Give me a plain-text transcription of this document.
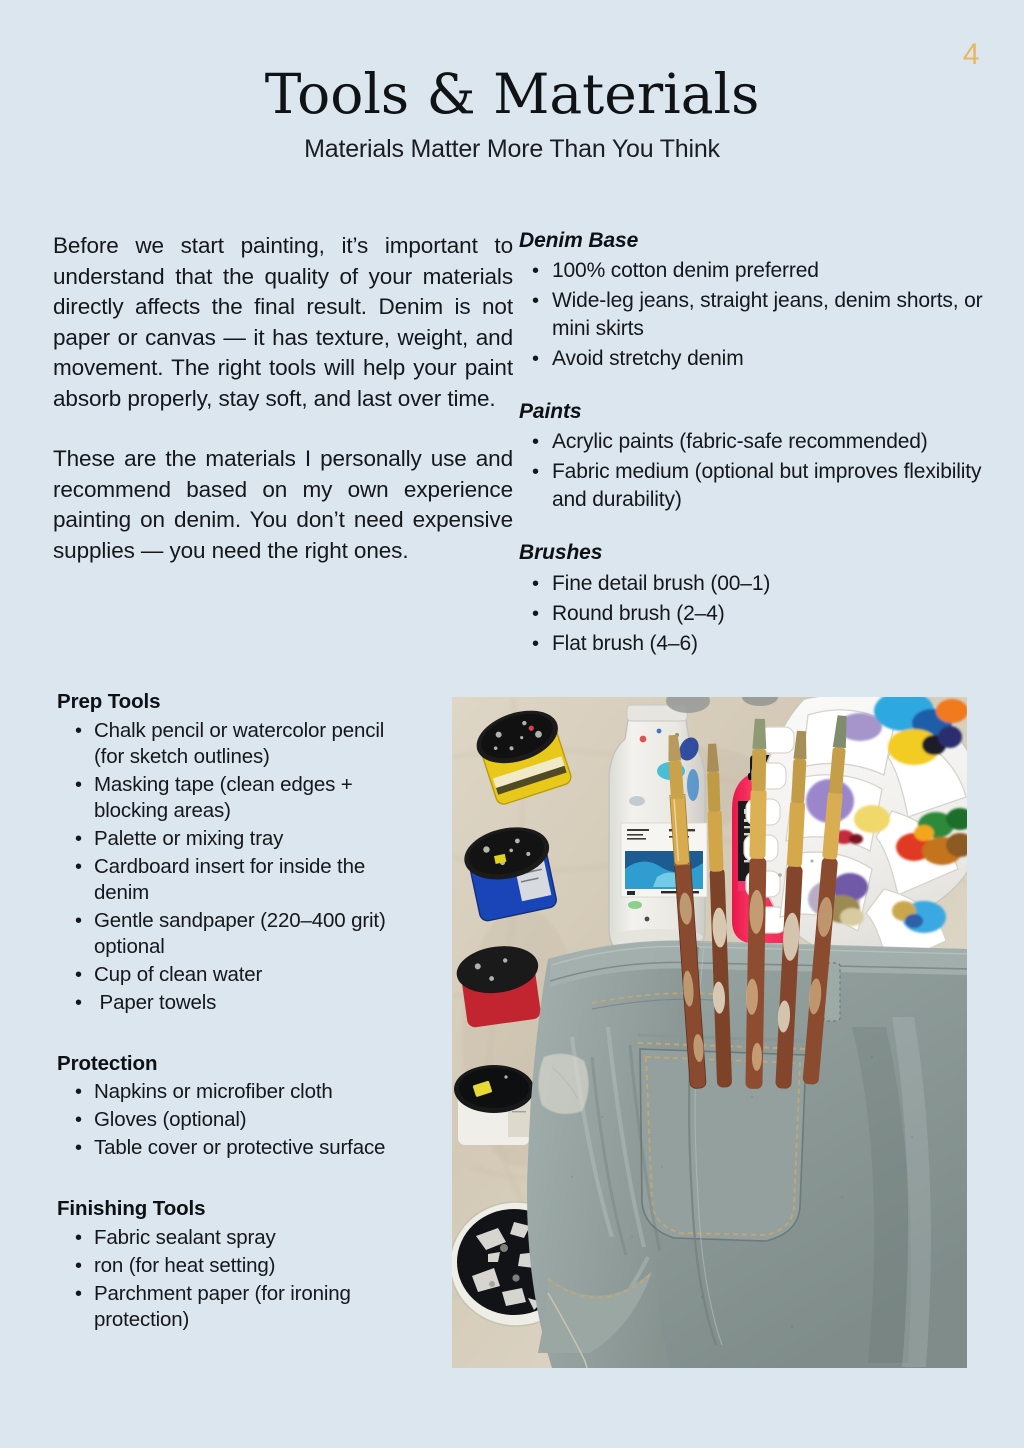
4
Tools & Materials

Materials Matter More Than You Think

Before we start painting, it’s important to understand that the quality of your materials directly affects the final result. Denim is not paper or canvas — it has texture, weight, and movement. The right tools will help your paint absorb properly, stay soft, and last over time.

These are the materials I personally use and recommend based on my own experience painting on denim. You don’t need expensive supplies — you need the right ones.

Denim Base
• 100% cotton denim preferred
• Wide-leg jeans, straight jeans, denim shorts, or mini skirts
• Avoid stretchy denim
Paints
• Acrylic paints (fabric-safe recommended)
• Fabric medium (optional but improves flexibility and durability)
Brushes
• Fine detail brush (00–1)
• Round brush (2–4)
• Flat brush (4–6)
Prep Tools
• Chalk pencil or watercolor pencil (for sketch outlines)
• Masking tape (clean edges + blocking areas)
• Palette or mixing tray
• Cardboard insert for inside the denim
• Gentle sandpaper (220–400 grit) optional
• Cup of clean water
•  Paper towels
Protection
• Napkins or microfiber cloth
• Gloves (optional)
• Table cover or protective surface
Finishing Tools
• Fabric sealant spray
• ron (for heat setting)
• Parchment paper (for ironing protection)
